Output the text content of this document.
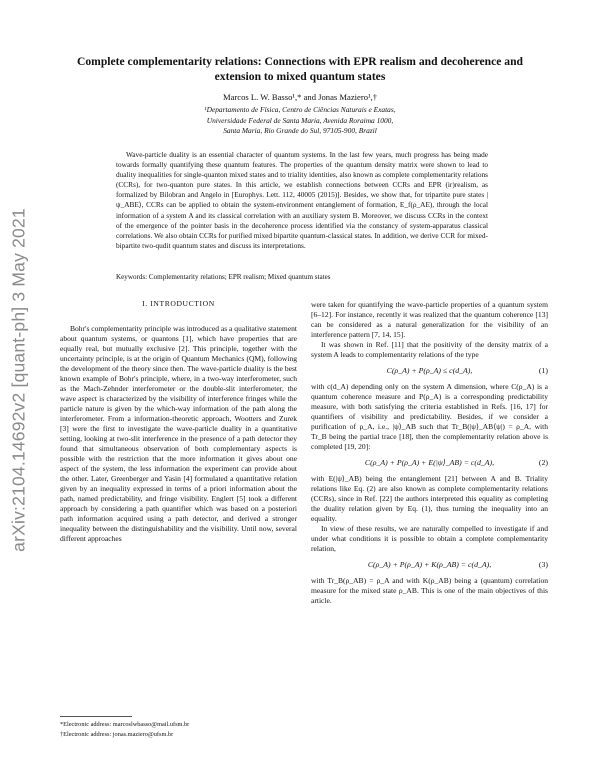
arXiv:2104.14692v2 [quant-ph] 3 May 2021
Complete complementarity relations: Connections with EPR realism and decoherence and extension to mixed quantum states
Marcos L. W. Basso¹,* and Jonas Maziero¹,†
¹Departamento de Física, Centro de Ciências Naturais e Exatas,
Universidade Federal de Santa Maria, Avenida Roraima 1000,
Santa Maria, Rio Grande do Sul, 97105-900, Brazil

Wave-particle duality is an essential character of quantum systems. In the last few years, much progress has being made towards formally quantifying these quantum features. The properties of the quantum density matrix were shown to lead to duality inequalities for single-quanton mixed states and to triality identities, also known as complete complementarity relations (CCRs), for two-quanton pure states. In this article, we establish connections between CCRs and EPR (ir)realism, as formalized by Bilobran and Angelo in [Europhys. Lett. 112, 40005 (2015)]. Besides, we show that, for tripartite pure states |ψ_ABE⟩, CCRs can be applied to obtain the system-environment entanglement of formation, E_f(ρ_AE), through the local information of a system A and its classical correlation with an auxiliary system B. Moreover, we discuss CCRs in the context of the emergence of the pointer basis in the decoherence process identified via the constancy of system-apparatus classical correlations. We also obtain CCRs for purified mixed bipartite quantum-classical states. In addition, we derive CCR for mixed-bipartite two-qudit quantum states and discuss its interpretations.

Keywords: Complementarity relations; EPR realism; Mixed quantum states

I. INTRODUCTION

Bohr's complementarity principle was introduced as a qualitative statement about quantum systems, or quantons [1], which have properties that are equally real, but mutually exclusive [2]. This principle, together with the uncertainty principle, is at the origin of Quantum Mechanics (QM), following the development of the theory since then. The wave-particle duality is the best known example of Bohr's principle, where, in a two-way interferometer, such as the Mach-Zehnder interferometer or the double-slit interferometer, the wave aspect is characterized by the visibility of interference fringes while the particle nature is given by the which-way information of the path along the interferometer. From a information-theoretic approach, Wootters and Zurek [3] were the first to investigate the wave-particle duality in a quantitative setting, looking at two-slit interference in the presence of a path detector they found that simultaneous observation of both complementary aspects is possible with the restriction that the more information it gives about one aspect of the system, the less information the experiment can provide about the other. Later, Greenberger and Yasin [4] formulated a quantitative relation given by an inequality expressed in terms of a priori information about the path, named predictability, and fringe visibility. Englert [5] took a different approach by considering a path quantifier which was based on a posteriori path information acquired using a path detector, and derived a stronger inequality between the distinguishability and the visibility. Until now, several different approaches

were taken for quantifying the wave-particle properties of a quantum system [6–12]. For instance, recently it was realized that the quantum coherence [13] can be considered as a natural generalization for the visibility of an interference pattern [7, 14, 15].

It was shown in Ref. [11] that the positivity of the density matrix of a system A leads to complementarity relations of the type

C(ρ_A) + P(ρ_A) ≤ c(d_A),	(1)

with c(d_A) depending only on the system A dimension, where C(ρ_A) is a quantum coherence measure and P(ρ_A) is a corresponding predictability measure, with both satisfying the criteria established in Refs. [16, 17] for quantifiers of visibility and predictability. Besides, if we consider a purification of ρ_A, i.e., |ψ⟩_AB such that Tr_B(|ψ⟩_AB⟨ψ|) = ρ_A, with Tr_B being the partial trace [18], then the complementarity relation above is completed [19, 20]:

C(ρ_A) + P(ρ_A) + E(|ψ⟩_AB) = c(d_A),	(2)

with E(|ψ⟩_AB) being the entanglement [21] between A and B. Triality relations like Eq. (2) are also known as complete complementarity relations (CCRs), since in Ref. [22] the authors interpreted this equality as completing the duality relation given by Eq. (1), thus turning the inequality into an equality.

In view of these results, we are naturally compelled to investigate if and under what conditions it is possible to obtain a complete complementarity relation,

C(ρ_A) + P(ρ_A) + K(ρ_AB) = c(d_A),	(3)

with Tr_B(ρ_AB) = ρ_A and with K(ρ_AB) being a (quantum) correlation measure for the mixed state ρ_AB. This is one of the main objectives of this article.

*Electronic address: marcoslwbasso@mail.ufsm.br
†Electronic address: jonas.maziero@ufsm.br
